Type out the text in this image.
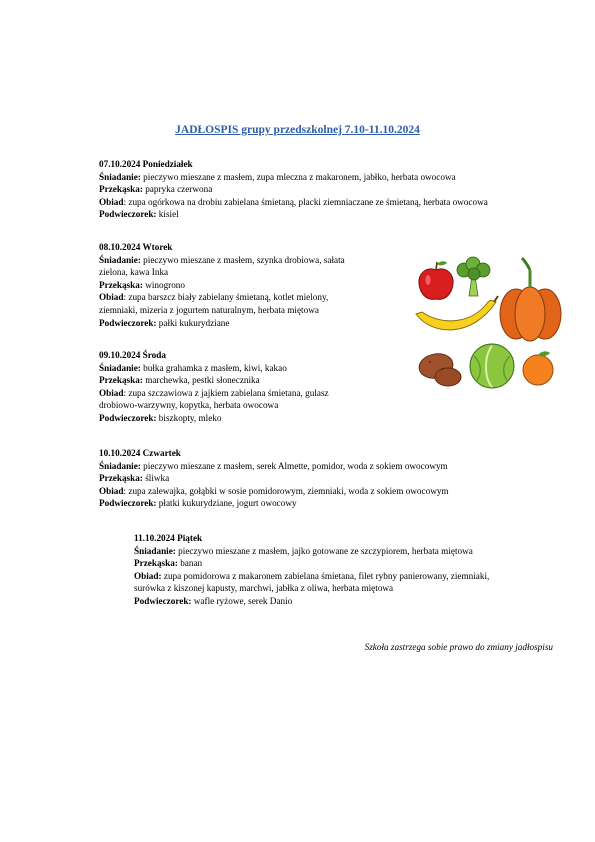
JADŁOSPIS grupy przedszkolnej 7.10-11.10.2024
07.10.2024 Poniedziałek
Śniadanie: pieczywo mieszane z masłem, zupa mleczna z makaronem, jabłko, herbata owocowa
Przekąska: papryka czerwona
Obiad: zupa ogórkowa na drobiu zabielana śmietaną, placki ziemniaczane ze śmietaną, herbata owocowa
Podwieczorek: kisiel
08.10.2024 Wtorek
Śniadanie: pieczywo mieszane z masłem, szynka drobiowa, sałata
zielona, kawa Inka
Przekąska: winogrono
Obiad: zupa barszcz biały zabielany śmietaną, kotlet mielony,
ziemniaki, mizeria z jogurtem naturalnym, herbata miętowa
Podwieczorek: pałki kukurydziane
09.10.2024 Środa
Śniadanie: bułka grahamka z masłem, kiwi, kakao
Przekąska: marchewka, pestki słonecznika
Obiad: zupa szczawiowa z jajkiem zabielana śmietana, gulasz
drobiowo-warzywny, kopytka, herbata owocowa
Podwieczorek: biszkopty, mleko
10.10.2024 Czwartek
Śniadanie: pieczywo mieszane z masłem, serek Almette, pomidor, woda z sokiem owocowym
Przekąska: śliwka
Obiad: zupa zalewajka, gołąbki w sosie pomidorowym, ziemniaki, woda z sokiem owocowym
Podwieczorek: płatki kukurydziane, jogurt owocowy
11.10.2024 Piątek
Śniadanie: pieczywo mieszane z masłem, jajko gotowane ze szczypiorem, herbata miętowa
Przekąska: banan
Obiad: zupa pomidorowa z makaronem zabielana śmietana, filet rybny panierowany, ziemniaki,
surówka z kiszonej kapusty, marchwi, jabłka z oliwa, herbata miętowa
Podwieczorek: wafle ryżowe, serek Danio
Szkoła zastrzega sobie prawo do zmiany jadłospisu
